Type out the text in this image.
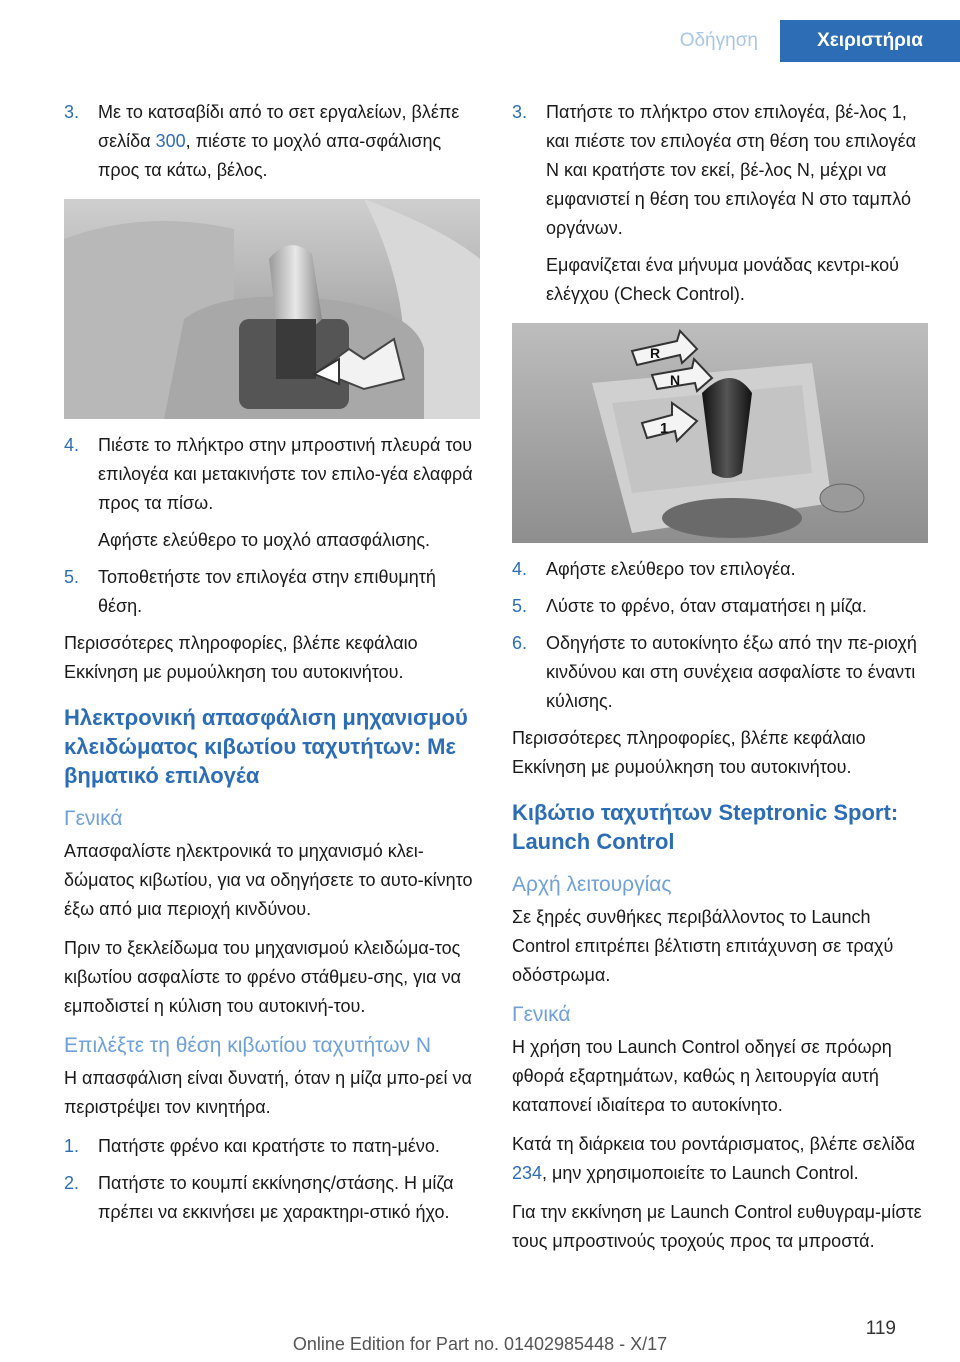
Οδήγηση	Χειριστήρια
3.	Με το κατσαβίδι από το σετ εργαλείων, βλέπε σελίδα 300, πιέστε το μοχλό απα‐σφάλισης προς τα κάτω, βέλος.
4.	Πιέστε το πλήκτρο στην μπροστινή πλευρά του επιλογέα και μετακινήστε τον επιλο‐γέα ελαφρά προς τα πίσω.
Αφήστε ελεύθερο το μοχλό απασφάλισης.
5.	Τοποθετήστε τον επιλογέα στην επιθυμητή θέση.
Περισσότερες πληροφορίες, βλέπε κεφάλαιο Εκκίνηση με ρυμούλκηση του αυτοκινήτου.
Ηλεκτρονική απασφάλιση μηχανισμού κλειδώματος κιβωτίου ταχυτήτων: Με βηματικό επιλογέα
Γενικά
Απασφαλίστε ηλεκτρονικά το μηχανισμό κλει‐δώματος κιβωτίου, για να οδηγήσετε το αυτο‐κίνητο έξω από μια περιοχή κινδύνου.
Πριν το ξεκλείδωμα του μηχανισμού κλειδώμα‐τος κιβωτίου ασφαλίστε το φρένο στάθμευ‐σης, για να εμποδιστεί η κύλιση του αυτοκινή‐του.
Επιλέξτε τη θέση κιβωτίου ταχυτήτων N
Η απασφάλιση είναι δυνατή, όταν η μίζα μπο‐ρεί να περιστρέψει τον κινητήρα.
1.	Πατήστε φρένο και κρατήστε το πατη‐μένο.
2.	Πατήστε το κουμπί εκκίνησης/στάσης. Η μίζα πρέπει να εκκινήσει με χαρακτηρι‐στικό ήχο.
3.	Πατήστε το πλήκτρο στον επιλογέα, βέ‐λος 1, και πιέστε τον επιλογέα στη θέση του επιλογέα N και κρατήστε τον εκεί, βέ‐λος N, μέχρι να εμφανιστεί η θέση του επιλογέα N στο ταμπλό οργάνων.
Εμφανίζεται ένα μήνυμα μονάδας κεντρι‐κού ελέγχου (Check Control).
R
N
1
4.	Αφήστε ελεύθερο τον επιλογέα.
5.	Λύστε το φρένο, όταν σταματήσει η μίζα.
6.	Οδηγήστε το αυτοκίνητο έξω από την πε‐ριοχή κινδύνου και στη συνέχεια ασφαλίστε το έναντι κύλισης.
Περισσότερες πληροφορίες, βλέπε κεφάλαιο Εκκίνηση με ρυμούλκηση του αυτοκινήτου.
Κιβώτιο ταχυτήτων Steptronic Sport: Launch Control
Αρχή λειτουργίας
Σε ξηρές συνθήκες περιβάλλοντος το Launch Control επιτρέπει βέλτιστη επιτάχυνση σε τραχύ οδόστρωμα.
Γενικά
Η χρήση του Launch Control οδηγεί σε πρόωρη φθορά εξαρτημάτων, καθώς η λειτουργία αυτή καταπονεί ιδιαίτερα το αυτοκίνητο.
Κατά τη διάρκεια του ροντάρισματος, βλέπε σελίδα 234, μην χρησιμοποιείτε το Launch Control.
Για την εκκίνηση με Launch Control ευθυγραμ‐μίστε τους μπροστινούς τροχούς προς τα μπροστά.
119
Online Edition for Part no. 01402985448 - X/17
